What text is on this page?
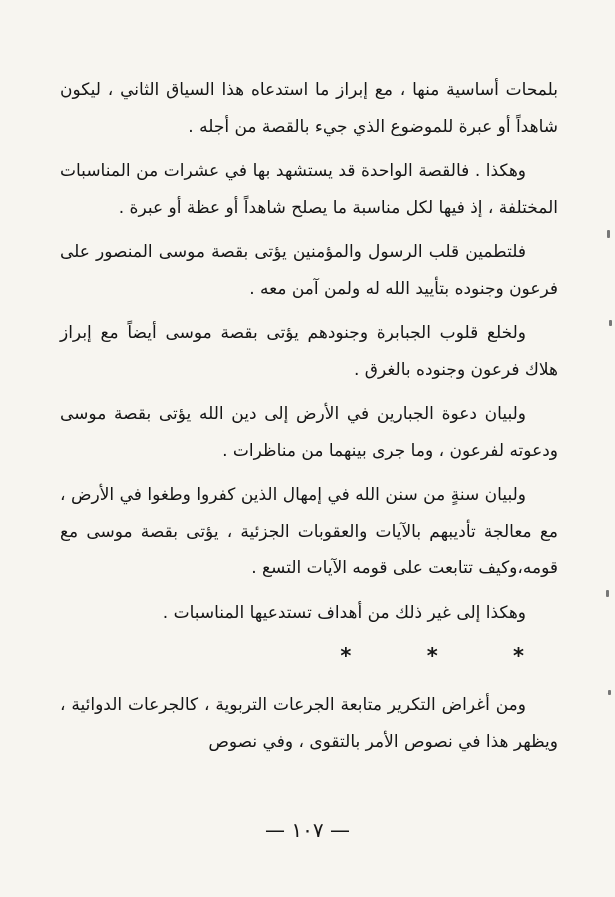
بلمحات أساسية منها ، مع إبراز ما استدعاه هذا السياق الثاني ، ليكون شاهداً أو عبرة للموضوع الذي جيء بالقصة من أجله .

وهكذا . فالقصة الواحدة قد يستشهد بها في عشرات من المناسبات المختلفة ، إذ فيها لكل مناسبة ما يصلح شاهداً أو عظة أو عبرة .

فلتطمين قلب الرسول والمؤمنين يؤتى بقصة موسى المنصور على فرعون وجنوده بتأييد الله له ولمن آمن معه .

ولخلع قلوب الجبابرة وجنودهم يؤتى بقصة موسى أيضاً مع إبراز هلاك فرعون وجنوده بالغرق .

ولبيان دعوة الجبارين في الأرض إلى دين الله يؤتى بقصة موسى ودعوته لفرعون ، وما جرى بينهما من مناظرات .

ولبيان سنةٍ من سنن الله في إمهال الذين كفروا وطغوا في الأرض ، مع معالجة تأديبهم بالآيات والعقوبات الجزئية ، يؤتى بقصة موسى مع قومه،وكيف تتابعت على قومه الآيات التسع .

وهكذا إلى غير ذلك من أهداف تستدعيها المناسبات .

* * *

ومن أغراض التكرير متابعة الجرعات التربوية ، كالجرعات الدوائية ، ويظهر هذا في نصوص الأمر بالتقوى ، وفي نصوص

— ١٠٧ —
